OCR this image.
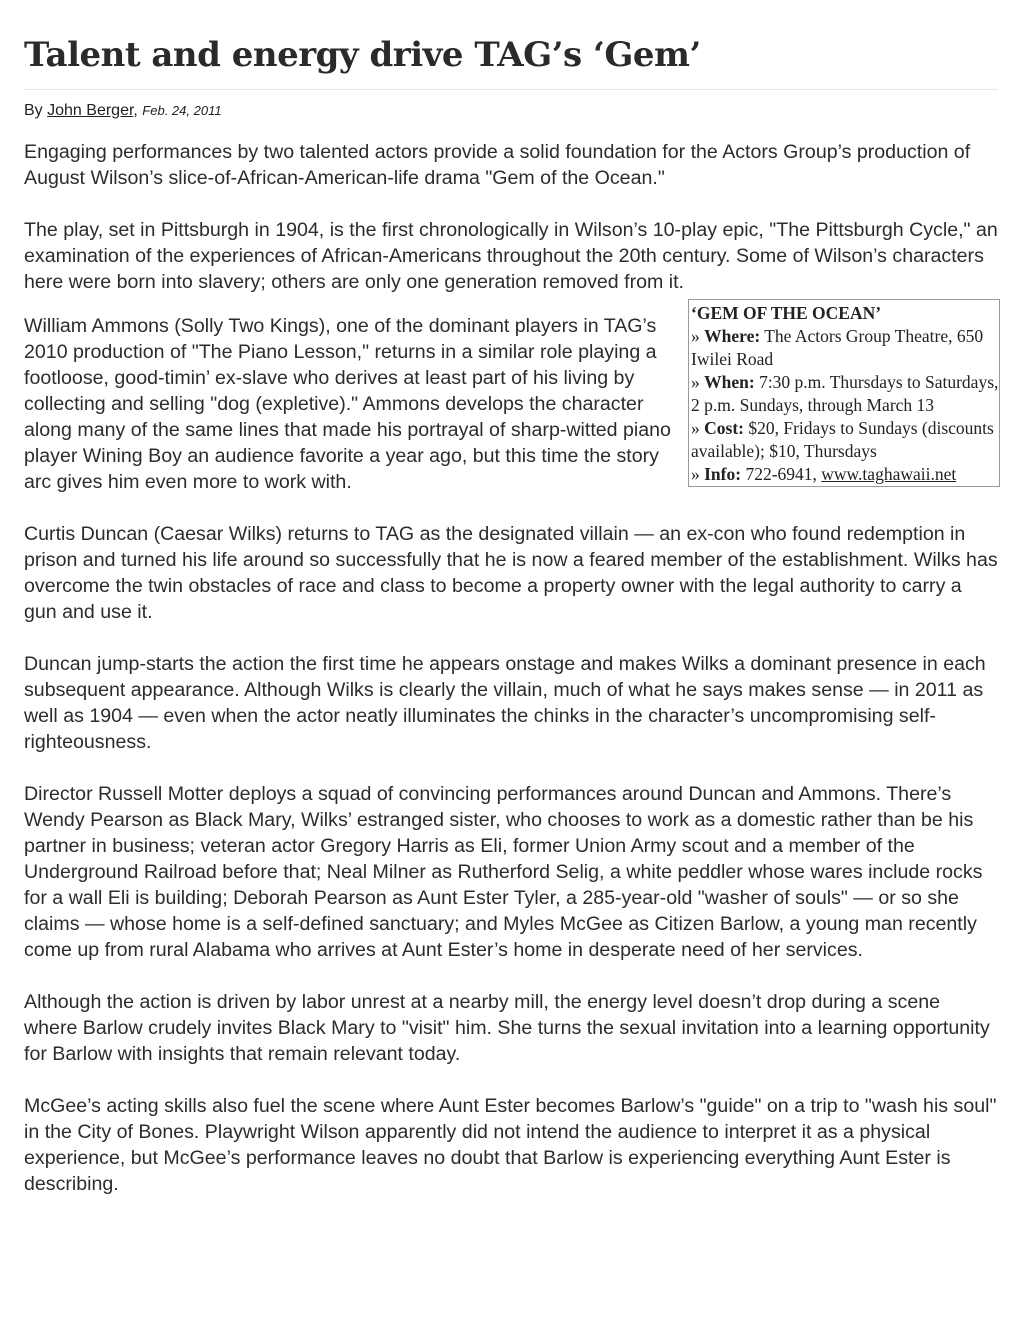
Talent and energy drive TAG’s ‘Gem’
By John Berger, Feb. 24, 2011

Engaging performances by two talented actors provide a solid foundation for the Actors Group’s production of August Wilson’s slice-of-African-American-life drama "Gem of the Ocean."

The play, set in Pittsburgh in 1904, is the first chronologically in Wilson’s 10-play epic, "The Pittsburgh Cycle," an examination of the experiences of African-Americans throughout the 20th century. Some of Wilson’s characters here were born into slavery; others are only one generation removed from it.

‘GEM OF THE OCEAN’
» Where: The Actors Group Theatre, 650 Iwilei Road
» When: 7:30 p.m. Thursdays to Saturdays, 2 p.m. Sundays, through March 13
» Cost: $20, Fridays to Sundays (discounts available); $10, Thursdays
» Info: 722-6941, www.taghawaii.net

William Ammons (Solly Two Kings), one of the dominant players in TAG’s 2010 production of "The Piano Lesson," returns in a similar role playing a footloose, good-timin’ ex-slave who derives at least part of his living by collecting and selling "dog (expletive)." Ammons develops the character along many of the same lines that made his portrayal of sharp-witted piano player Wining Boy an audience favorite a year ago, but this time the story arc gives him even more to work with.

Curtis Duncan (Caesar Wilks) returns to TAG as the designated villain — an ex-con who found redemption in prison and turned his life around so successfully that he is now a feared member of the establishment. Wilks has overcome the twin obstacles of race and class to become a property owner with the legal authority to carry a gun and use it.

Duncan jump-starts the action the first time he appears onstage and makes Wilks a dominant presence in each subsequent appearance. Although Wilks is clearly the villain, much of what he says makes sense — in 2011 as well as 1904 — even when the actor neatly illuminates the chinks in the character’s uncompromising self-righteousness.

Director Russell Motter deploys a squad of convincing performances around Duncan and Ammons. There’s Wendy Pearson as Black Mary, Wilks’ estranged sister, who chooses to work as a domestic rather than be his partner in business; veteran actor Gregory Harris as Eli, former Union Army scout and a member of the Underground Railroad before that; Neal Milner as Rutherford Selig, a white peddler whose wares include rocks for a wall Eli is building; Deborah Pearson as Aunt Ester Tyler, a 285-year-old "washer of souls" — or so she claims — whose home is a self-defined sanctuary; and Myles McGee as Citizen Barlow, a young man recently come up from rural Alabama who arrives at Aunt Ester’s home in desperate need of her services.

Although the action is driven by labor unrest at a nearby mill, the energy level doesn’t drop during a scene where Barlow crudely invites Black Mary to "visit" him. She turns the sexual invitation into a learning opportunity for Barlow with insights that remain relevant today.

McGee’s acting skills also fuel the scene where Aunt Ester becomes Barlow’s "guide" on a trip to "wash his soul" in the City of Bones. Playwright Wilson apparently did not intend the audience to interpret it as a physical experience, but McGee’s performance leaves no doubt that Barlow is experiencing everything Aunt Ester is describing.
